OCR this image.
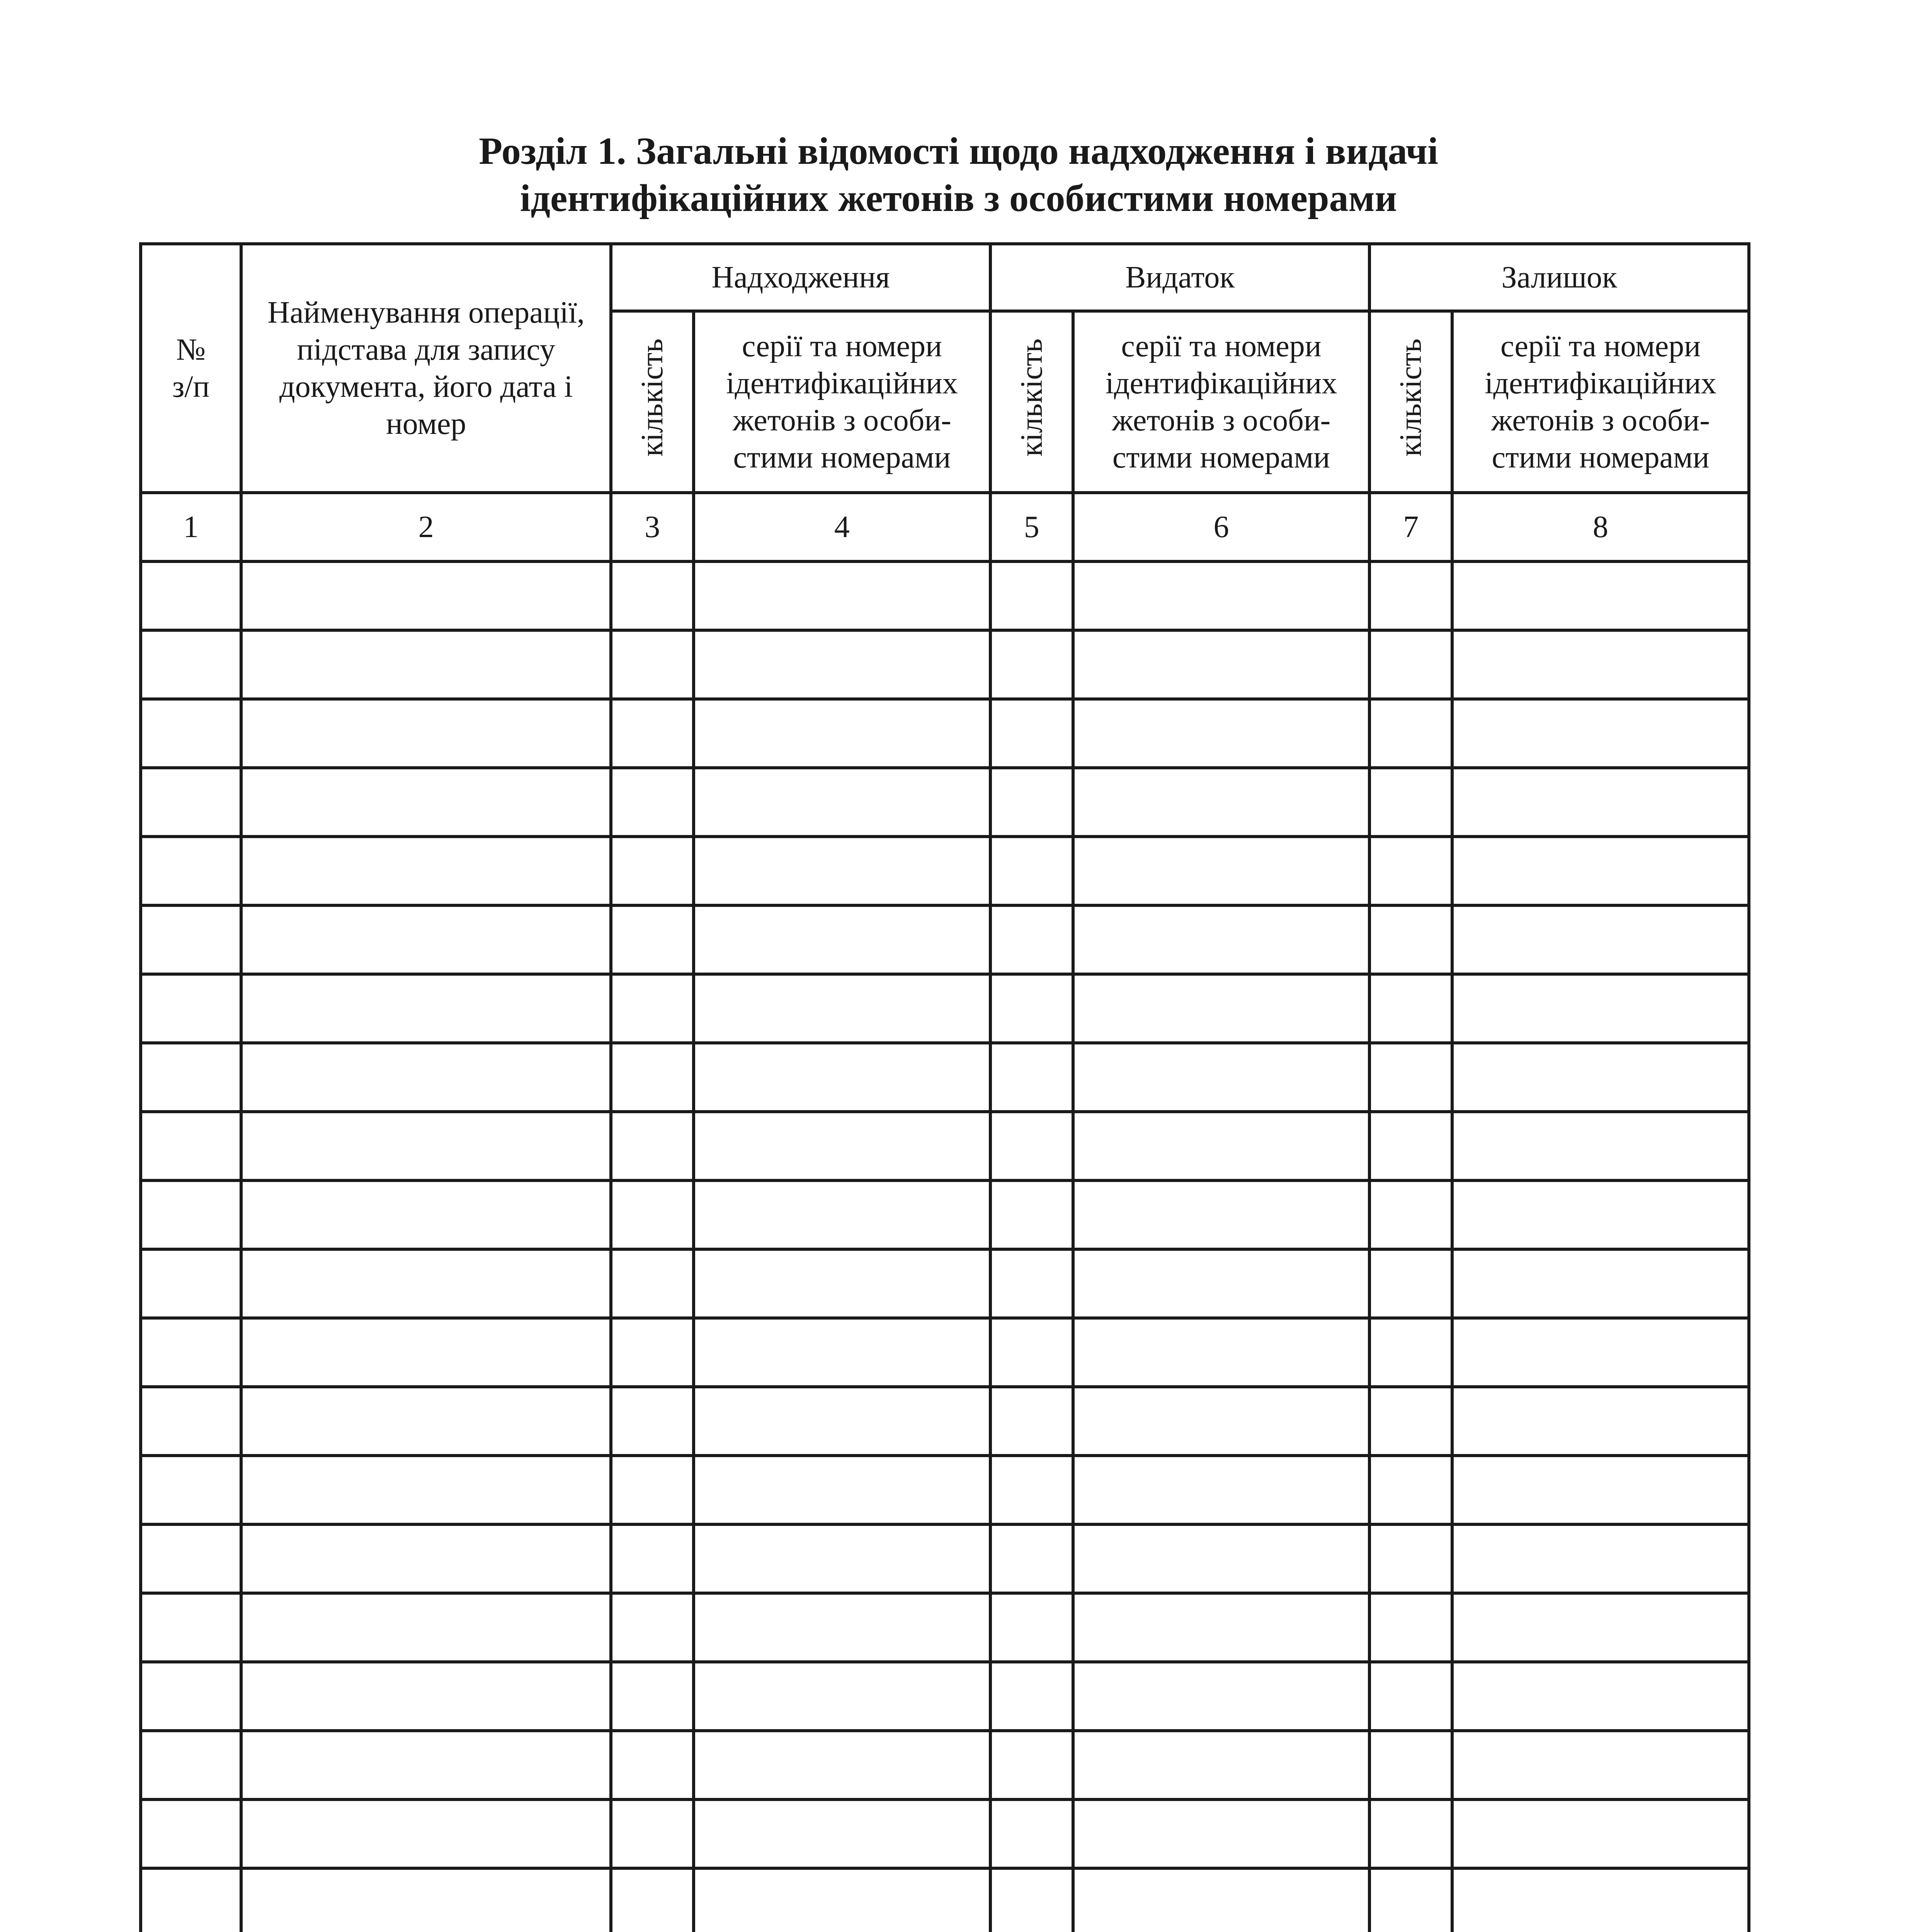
Розділ 1. Загальні відомості щодо надходження і видачі
ідентифікаційних жетонів з особистими номерами
№
з/п	Найменування операції, підстава для запису документа, його дата і номер	Надходження		Видаток		Залишок	
		кількість	серії та номери ідентифікаційних жетонів з особи-стими номерами	кількість	серії та номери ідентифікаційних жетонів з особи-стими номерами	кількість	серії та номери ідентифікаційних жетонів з особи-стими номерами

1	2	3	4	5	6	7	8
